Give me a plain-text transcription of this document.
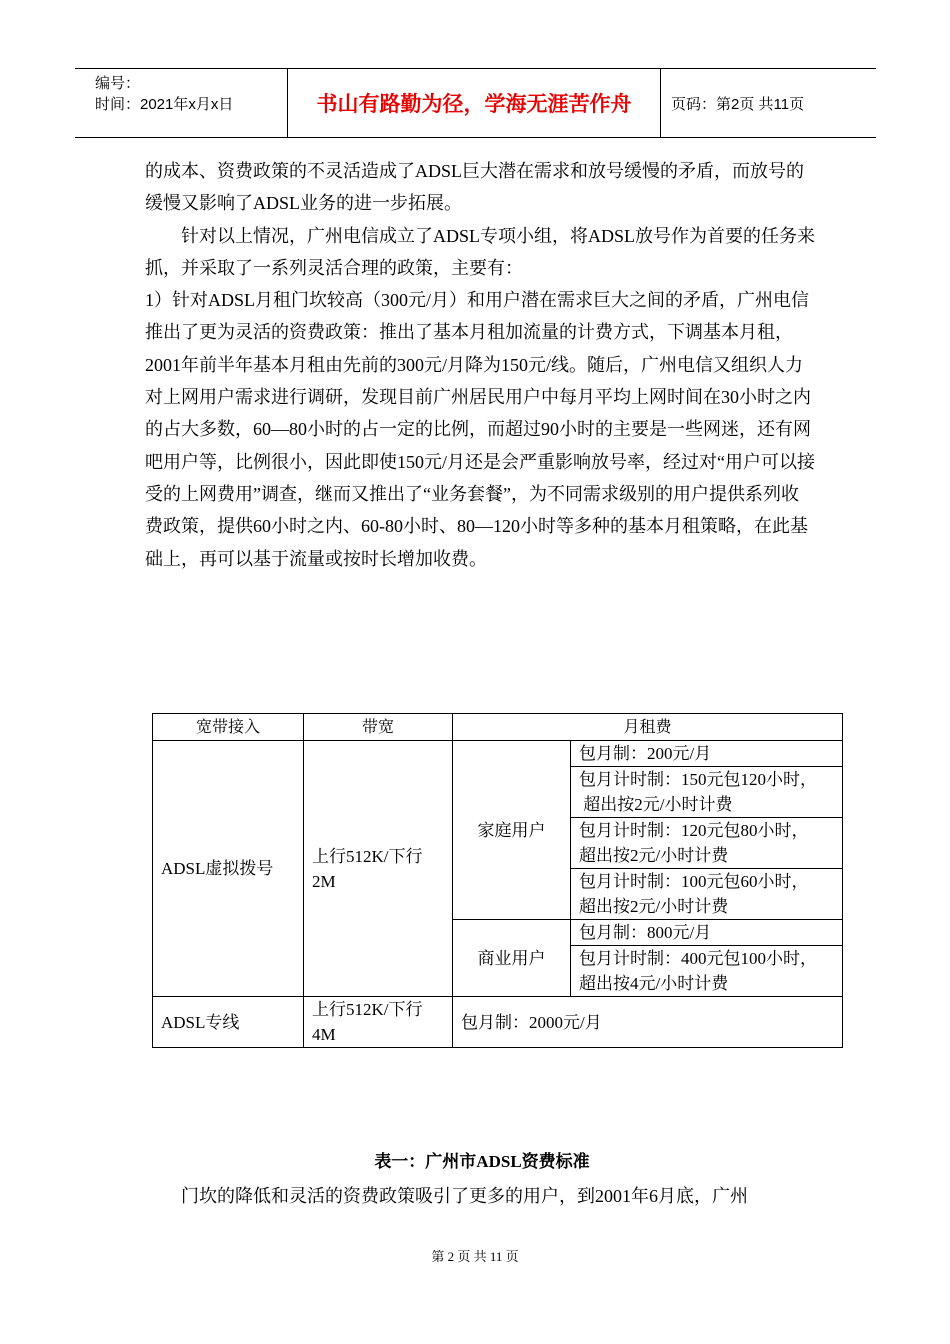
编号：
时间：2021年x月x日	书山有路勤为径，学海无涯苦作舟	页码：第2页 共11页

的成本、资费政策的不灵活造成了ADSL巨大潜在需求和放号缓慢的矛盾，而放号的缓慢又影响了ADSL业务的进一步拓展。

针对以上情况，广州电信成立了ADSL专项小组，将ADSL放号作为首要的任务来抓，并采取了一系列灵活合理的政策，主要有：

1）针对ADSL月租门坎较高（300元/月）和用户潜在需求巨大之间的矛盾，广州电信推出了更为灵活的资费政策：推出了基本月租加流量的计费方式，下调基本月租，2001年前半年基本月租由先前的300元/月降为150元/线。随后，广州电信又组织人力对上网用户需求进行调研，发现目前广州居民用户中每月平均上网时间在30小时之内的占大多数，60—80小时的占一定的比例，而超过90小时的主要是一些网迷，还有网吧用户等，比例很小，因此即使150元/月还是会严重影响放号率，经过对“用户可以接受的上网费用”调查，继而又推出了“业务套餐”，为不同需求级别的用户提供系列收费政策，提供60小时之内、60-80小时、80—120小时等多种的基本月租策略，在此基础上，再可以基于流量或按时长增加收费。

宽带接入	带宽	月租费	
ADSL虚拟拨号	上行512K/下行2M	家庭用户	包月制：200元/月

			包月计时制：150元包120小时，
超出按2元/小时计费

			包月计时制：120元包80小时，
超出按2元/小时计费

			包月计时制：100元包60小时，
超出按2元/小时计费

		商业用户	包月制：800元/月

			包月计时制：400元包100小时，
超出按4元/小时计费

ADSL专线	上行512K/下行4M	包月制：2000元/月	
表一：广州市ADSL资费标准

门坎的降低和灵活的资费政策吸引了更多的用户，到2001年6月底，广州

第 2 页 共 11 页
